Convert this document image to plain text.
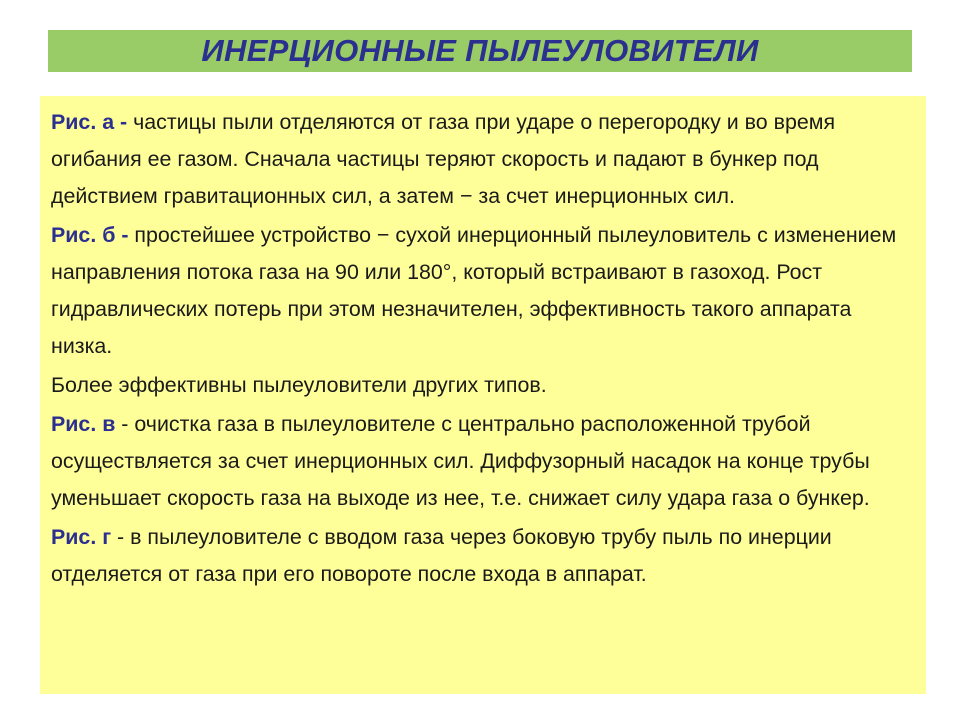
ИНЕРЦИОННЫЕ ПЫЛЕУЛОВИТЕЛИ

Рис. а - частицы пыли отделяются от газа при ударе о перегородку и во время огибания ее газом. Сначала частицы теряют скорость и падают в бункер под действием гравитационных сил, а затем − за счет инерционных сил.

Рис. б - простейшее устройство − сухой инерционный пылеуловитель с изменением направления потока газа на 90 или 180°, который встраивают в газоход. Рост гидравлических потерь при этом незначителен, эффективность такого аппарата низка.

Более эффективны пылеуловители других типов.

Рис. в - очистка газа в пылеуловителе с центрально расположенной трубой осуществляется за счет инерционных сил. Диффузорный насадок на конце трубы уменьшает скорость газа на выходе из нее, т.е. снижает силу удара газа о бункер.

Рис. г - в пылеуловителе с вводом газа через боковую трубу пыль по инерции отделяется от газа при его повороте после входа в аппарат.
